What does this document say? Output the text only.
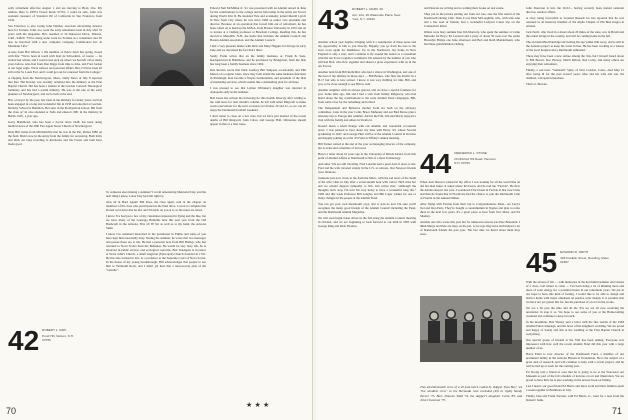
eaily retirement effective August 1 and are moving to Brad, Ore. My address there is 93974 Tweed Road, 97701. I could be safe, John was assistant treasurer of Standard Oil of California in San Francisco from 1932.

San Francisco is also losing John Dunbar, associate advertising director here for Fortune. John, too, went the early retirement route in July after 35 years with the magazine. He's resettled at 34 Oakwood Drive, Tiburon, Calif., 94920. "I'll be doing some work for Fortune as a consultant, and I'll also be involved with a new computer company, Commodore Inc. in Mountain Lifts."

A note from Hal Wilson, a life member of Pete's dealt has spring closed with this: "We've been in touch with Karl de Schweinitz, of course — he visited last winter, and I would even pick up where we had left off so many years before. Also had from Dan Diggs from time to time, and Fred Jordan at our legal eagle. We're retirees and personal affairs. But, I'd have been all still at the St. Louis Fed, and I could get out for renewed from the College."

A clipping from the Newburyport, Mass., Daily News of July 8 reported that Rev. Hal Rowley was recently ordained into the ministry at the First Baptist Church. Hal has been a student at the Gordon Conwell Theological Seminary and has had a parish ministry. He was at the one of the early planners of Newburyport, and we're both at the end.

Hal, a lawyer by the past, has been in the ministry for many years, but had been engaged in a long and wonderful life in 1958 and enrolled at Gordon-Divinity School in Hamilton. He's also in the Presbyterian school, Hal from the class of '41 also attended at Tufts and entered 1981 in the ministry in Berlin, N.H., a year ago.

Gerry Hammond, who has been a doctor since 1948, has been doing medical news of the 28th Fire Apple Street Church of Newburyport.

Dick Hill writes from Mitchellville that he was in the Pin. Pulled 1980 on the field. Dick's now in the Army from the family for recreating. Both Kitty and Dick are busy traveling to Rochester and the Forest and both have made good.

To someone else missing a summer? I recall announcing Memorial Day, and the next thing I knew, Labor Day had still right by.

Alas all in Hard Again! Bill Ross, the class agent, sent in the chapter on members of the class who participated in the fund drive. I owed to complete this Dorsal we'd drive that he did, and I'm back on you at it, so his notes are listed.

I know I've had just a few of my classmates interested in flying and the like, but we have many of the Gonzaga Bulletins here this past year from the Old Bushcraft in the Arizona. This all I'll list as well as at my hand, the Arizona Suiki.

I know I've remained interested in the postmaster in Elkins and some of you have kept him reasonably busy. During the summer, he wrote that two messages and passes those are to me. He had a personal note from Bill Bishop, who has returned to Nova Scotia from the Bahamas. He would be very busy life, he is involved in public service, and ecological concerns. Bob Sandquist is in pastor at Notre John's Church, a small Anglican (Episcopal) Church founded in 1791. He has also worked in law, as a professor at the Supreme Court of Nova Scotia. In the house of my young breakthrough, Bill acknowledges that people to see him to Yarmouth Rock, and I didn't yet hear that a more-lovely plan of the "Grindle".

Edward Neil McMillan Jr. '41 was presented with an Alumni Award in June for his contributions to the college and its fellowship in the Army Air Forces during World War II. He attended Yale and eventually joined Merrill Lynch in New York City where he was since 1960 as senior vice president and director. Because of an operation that forced him out of retirement, he has been called on to head up the M.B.A. from Boston University in 1972 and on to lecture at a visiting professor at Bowdoin College. Reading this, he has moved to Meredith, N.H., the home that includes the Alumni Council and Boston Alumni association, and the Alumni Council.

I had a very pleasant dinner with Dick and Mary Higgins in Chicago in early June and we discussed the fact that's there.

Sandy Frank writes that an the family business, A. Frank & Sons, headquartered in Baltimore, and he purchased by Bridgerton, from the firm has long been a family business since 1902.

Ken Rowles wrote that Dick Godfrey Bill Simpson occasionally and Phil Mason on a regular basis, since they both attend the same business functions in Pittsburgh. Ken became a Wayne businessman, and president of the firm of marketing services, which sounds like a demanding plan for all three.

I was pleased to see that Lyman Whitaker's daughter was married in Annapolis early in the summer.

Bob Giese has written the following for this month. Directly after writing to me with news for next month's column, he left with Allan Ringwall to make room reservations for the next occasion on October 20 and 21, so we can all enjoy the Dartmouth football weekend.

I don't mean to close on a low note, but we have just learned of the recent deaths of Bill Ringwall, John Cabot, and George Hall. Obituaries should appear in this or a later issue.

42 ROBERT L. KIRK
Pond Hill, Nelson, N.H. 03755
★ ★ ★
70
43 ROBERT L. MARK JR.
Apt. 12A, 20 Waterside Plaza, New York, N.Y. 10010

Another school year begins, bringing with it a resumption of these notes and my opportunity to talk to you directly. Happily, you go from the east to the west coast again for Rushmore. Up in the Northwest, my home in New England is only a start, and I continue to fly around the nation as a consultant with the Air Force Logistics Command. I'm amazed by the number of you who still had Bob, who flew together and shared a great experience with us in the Air Forces.

Another item from Bill Rothchild, who had a visitor in Washington, and one of the best of my military in those days — Bill Barnes, who flew the Pacific in a B-17 but who is now retired. I know it was very thrilling for him, Bill, and you, to be close enough to see Bill so well.

Another neighbor with an always special, and we have a special fondness for you. Some time ago, Jim and I had a visit from Jimmy Ridgeway, who had heard about the big contributions to the early Alumni Fund campaigns. Bill, from some of us for the remaining and retired.

The Independent and Barbara's mother Todd are both on the advisory committee. Later in the year Colin, Bruce Mahoney and our Bud Morse plan a leisurely trip to Europe this summer. And in the Fall, Jim and Marty enjoyed a visit with the family and others in Stratford.

Doesn't mean a small change with our Alumni, and wonderful occasional news. I was pleased to hear about my time with Harry '43, whose Second graduating in 1947, and George Hull will be at the Alumni Council in October and happily joining us at the '43 Fund at Tiffany's annual meeting.

Bill Tucker retired at the end of the year as managing director of the company, but is at the end a member of its board.

Here's a letter about 10 years ago at the University of Rhode Island, from that point of Alumni Affairs at Dartmouth to that of a most Technology.

And other '43s are still traveling. Fred Loiselle sent a great deal of news to me: Fred and his wife traveled widely in the U.S. as retirees. Our Newport friends were fabulous.

Someone just now wrote to me from the Mass., with the sad news of the death of his wife Chris in July after a seven-month bout with cancer. He'll miss her and we extend deepest sympathy to Jim. Jim writes that: "Although the thoughts don't stop, I'm told I'm very lucky to have a wonderful long life." 1982 and this week Professor Bill Langley and Bill Lager wishes for one or many changes in the people at the Alumni Fund.

You can get your own Dartmouth copy, and to join us now I'm sure you'll recognize the many good friends of the Alumni Council including the Fund, and the Dartmouth Alumni Magazine.

We will soon begin ticket drives in the fall along the Alumni Council meeting in October, and we are beginning to look forward to our 40th in 1983 with George Ring and Dick Thomas.

and Duncan are writing and re-writing their books on real estate.

They put in the picture putting out from our tree, also the first Aerial of the Dartmouth Outing Club. Then it was Dick McLaughlin, who, with wife Ann and a bus load of friends, had a wonderful Ledyard Canoe trip on the Connecticut River.

Others were busy summer like Jim Moriarty, who spent the summer at Camp Matoaka for Boys; Ed Leonard and a party of about 50 took over the entire Brooklyn Bridge one June afternoon and Bob and Ruth Mandelbaum, who had three grandchildren visiting.

44 FREDERICK L. STONE
20 Mitchell Hill Road, Hanover, N.H. 03755

When Jack Sheaver walked in my office I was looking for all the world like an old fan-man baker. It asked where he'd been, and he told me "Florida". He flew the Atlanta Airport last year. I wondered if he'd been in Florida at that exact time and then he found that in Florida he had the chance to join the Dartmouth Club of Florida in the Annual Dinner.

After flying with Florida from their trip to Congratulations, Mass., are Lucy's Ted and Duc-Paris. They've bought a condominium in Naples and plan to retire there in the next few years. It's a great place to hear from Ted, Mass. and Ed Shanley.

Another one who wrote this year but for unknown reasons was Pete Beaudoin. I think Marge and Pete are busy on the job, so he says they have both helped a lot of Dartmouth friends the past year. The last time we heard about them they were.

John Donovan is into the D.O.C., having recently been named assistant director, outdoor affairs.

A story being forwarded to Leonard Russell Ice has reported that he was returned as an honorary member of the Alpha Chapter of Phi Beta Kappa in Atlanta.

Jack Nevil, who lived in a motel about 20 miles of the state, was in Brazil and the oldest bridge in the country, and will be coming home in the fall.

The old maid Bud Partridge isn't letting his age wither him away, and is still in the Arizona project to keep the water in line. He has been working as a trustee of the local hospital and a Dartmouth enthusiast.

There may have been a new retiree among the '44s, but I haven't heard about it. Bill Brown, Doc Harvey, Mitch Dalton, Ned Colby, and many others are enjoying their retirement.

Finally, a sad note: "Sunbeam" Spitz, of New London, Conn., died May 21 after being ill for the past several years. Mae and his wife and son, his children, will spend elsewhere.

That's it. Beware.

45 EDWARD R. SMITH
403 Franklin Street, Reading, Mass. 01867

With the advent of fall — with memories of the hot humid summer and visions of a clear, cold winter to come — I've been doing a lot of thinking more and more of solar energy for a potential house in our retirement years. We put in our hope to have this kind of feeling, I would like to be able to design and build a home with major emphasis on passive solar design. It is possible that we have not yet gotten this far, but the purchase of a lot is in the works.

We are a bit past the time and all the '45s we are all now receiving the newsletter in stop it so. We hope to see some of you at the Homecoming weekend and continue to keep in touch.

In the meantime, Bob Wesley sent a letter with the fine results of the 1983 Alumni Fund campaign, and the news of his daughter's wedding. We are proud and happy of Sandy and Jim at the wedding at the First Baptist Church in Gettysburg.

Our special group of friends at the 35th has been talking. Everyone was impressed with how well the recent Alumni Fund did this year with a large number of us.

Harry Eidel is now director of the Dartmouth Fund, a member of our prominent family in the Arizona Historical Foundation. He is the subject of a great deal of research, and will continue to help with a recent project, and he will be tied up at work for the coming year.

Ed Strong told a friend of ours that he is going to be at the Worcester Art Museum as part of the fall schedule of lectures on art and illustration. We are proud to have him; he is also working on his newest book on fishing.

Last I heard, our good friend Ed Harris and Dave Gold and their families spent a week together in Baltimore in July.

Finally, Dan and Frank Stevens, with Ed Harris, Jr., went for a note from the Roberts' bank.

This all-Dartmouth crew of a 45-foot ketch called by skipper Stan Burr '44 "the windiest crew" to the Bermuda race included (left to right) Sandy Turner '75, Burr, Duncan Todd '74, the skipper's daughter Carla '83, and John Chaveson '75.
71
